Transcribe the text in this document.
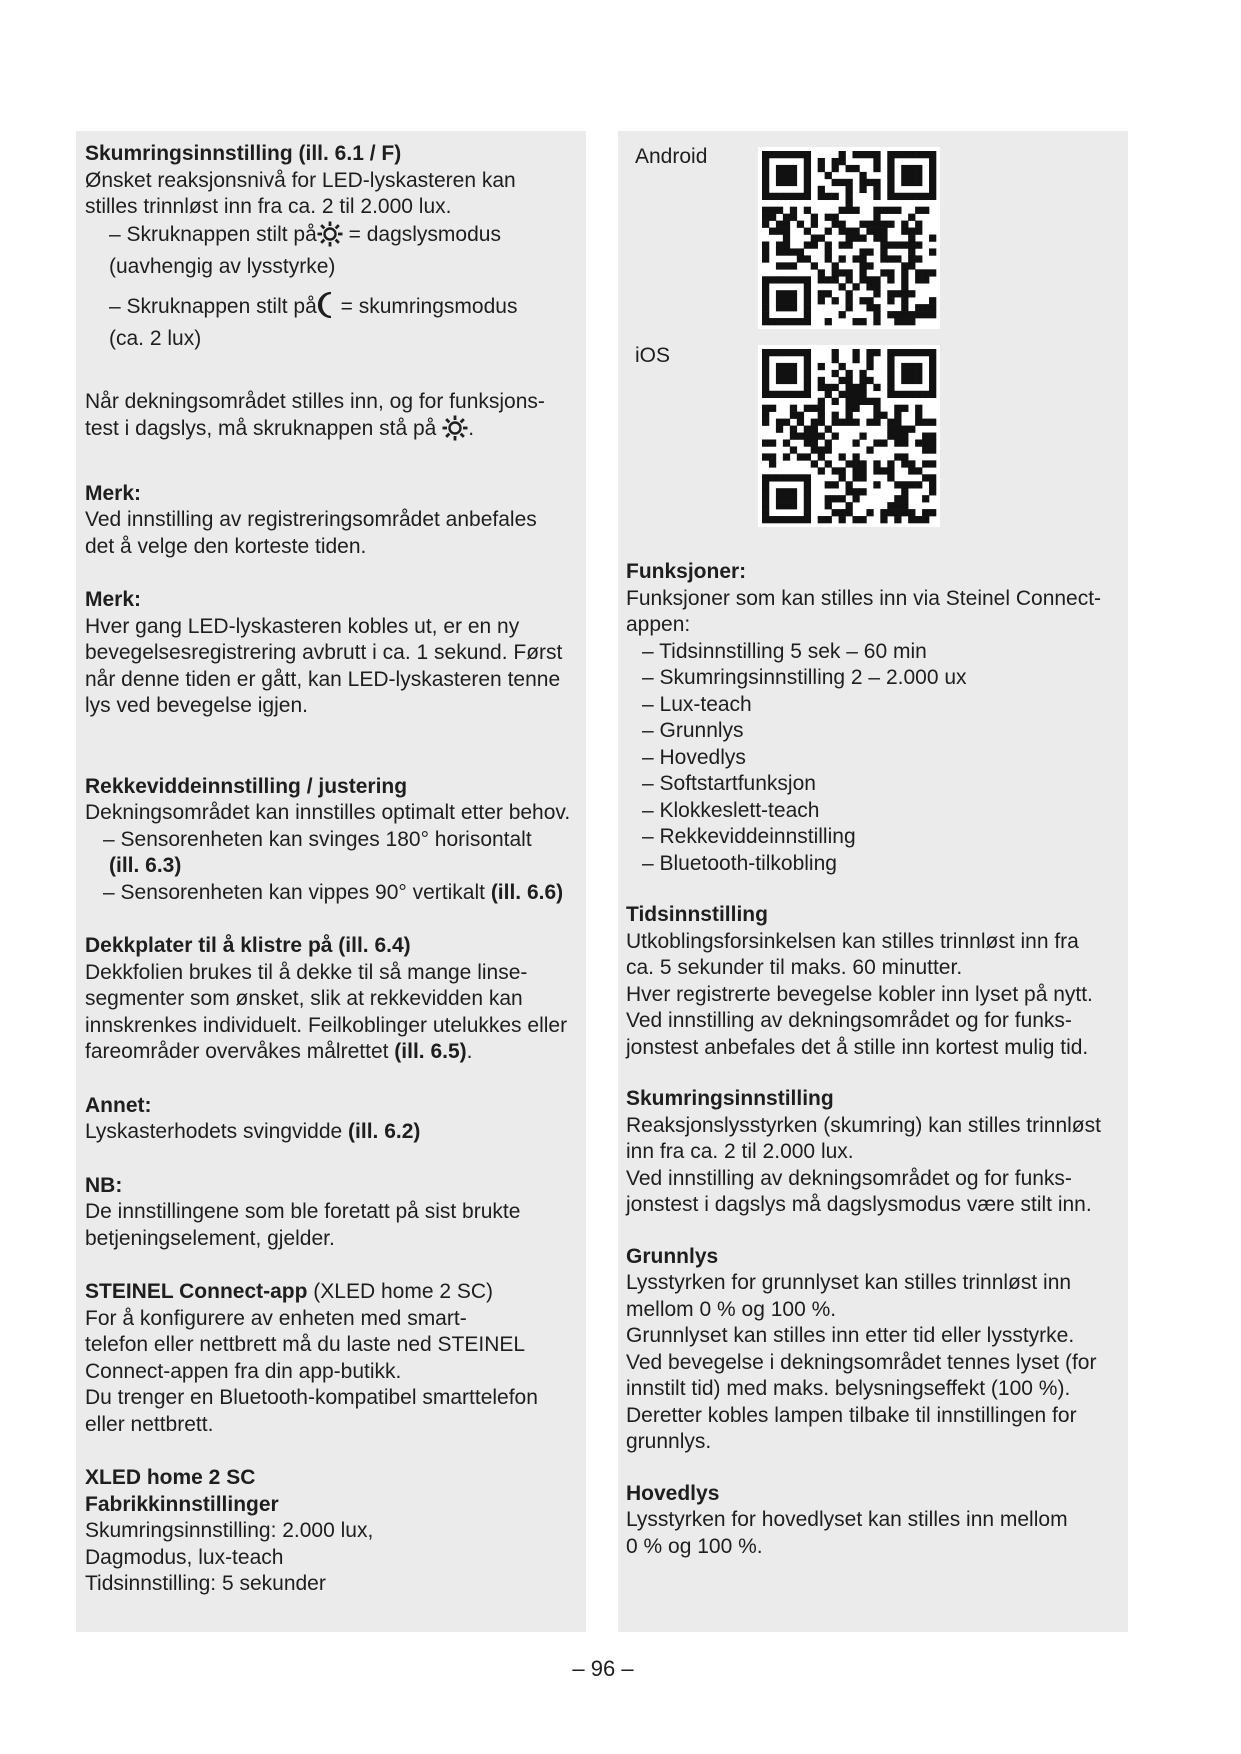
Skumringsinnstilling (ill. 6.1 / F)

Ønsket reaksjonsnivå for LED-lyskasteren kan

stilles trinnløst inn fra ca. 2 til 2.000 lux.

– Skruknappen stilt på = dagslysmodus

(uavhengig av lysstyrke)

– Skruknappen stilt på = skumringsmodus

(ca. 2 lux)

Når dekningsområdet stilles inn, og for funksjons-

test i dagslys, må skruknappen stå på .

Merk:

Ved innstilling av registreringsområdet anbefales

det å velge den korteste tiden.

Merk:

Hver gang LED-lyskasteren kobles ut, er en ny

bevegelsesregistrering avbrutt i ca. 1 sekund. Først

når denne tiden er gått, kan LED-lyskasteren tenne

lys ved bevegelse igjen.

Rekkeviddeinnstilling / justering

Dekningsområdet kan innstilles optimalt etter behov.

– Sensorenheten kan svinges 180° horisontalt

(ill. 6.3)

– Sensorenheten kan vippes 90° vertikalt (ill. 6.6)

Dekkplater til å klistre på (ill. 6.4)

Dekkfolien brukes til å dekke til så mange linse-

segmenter som ønsket, slik at rekkevidden kan

innskrenkes individuelt. Feilkoblinger utelukkes eller

fareområder overvåkes målrettet (ill. 6.5).

Annet:

Lyskasterhodets svingvidde (ill. 6.2)

NB:

De innstillingene som ble foretatt på sist brukte

betjeningselement, gjelder.

STEINEL Connect-app (XLED home 2 SC)

For å konfigurere av enheten med smart-

telefon eller nettbrett må du laste ned STEINEL

Connect-appen fra din app-butikk.

Du trenger en Bluetooth-kompatibel smarttelefon

eller nettbrett.

XLED home 2 SC

Fabrikkinnstillinger

Skumringsinnstilling: 2.000 lux,

Dagmodus, lux-teach

Tidsinnstilling: 5 sekunder

Android
iOS

Funksjoner:

Funksjoner som kan stilles inn via Steinel Connect-

appen:

– Tidsinnstilling 5 sek – 60 min

– Skumringsinnstilling 2 – 2.000 ux

– Lux-teach

– Grunnlys

– Hovedlys

– Softstartfunksjon

– Klokkeslett-teach

– Rekkeviddeinnstilling

– Bluetooth-tilkobling

Tidsinnstilling

Utkoblingsforsinkelsen kan stilles trinnløst inn fra

ca. 5 sekunder til maks. 60 minutter.

Hver registrerte bevegelse kobler inn lyset på nytt.

Ved innstilling av dekningsområdet og for funks-

jonstest anbefales det å stille inn kortest mulig tid.

Skumringsinnstilling

Reaksjonslysstyrken (skumring) kan stilles trinnløst

inn fra ca. 2 til 2.000 lux.

Ved innstilling av dekningsområdet og for funks-

jonstest i dagslys må dagslysmodus være stilt inn.

Grunnlys

Lysstyrken for grunnlyset kan stilles trinnløst inn

mellom 0 % og 100 %.

Grunnlyset kan stilles inn etter tid eller lysstyrke.

Ved bevegelse i dekningsområdet tennes lyset (for

innstilt tid) med maks. belysningseffekt (100 %).

Deretter kobles lampen tilbake til innstillingen for

grunnlys.

Hovedlys

Lysstyrken for hovedlyset kan stilles inn mellom

0 % og 100 %.

– 96 –
